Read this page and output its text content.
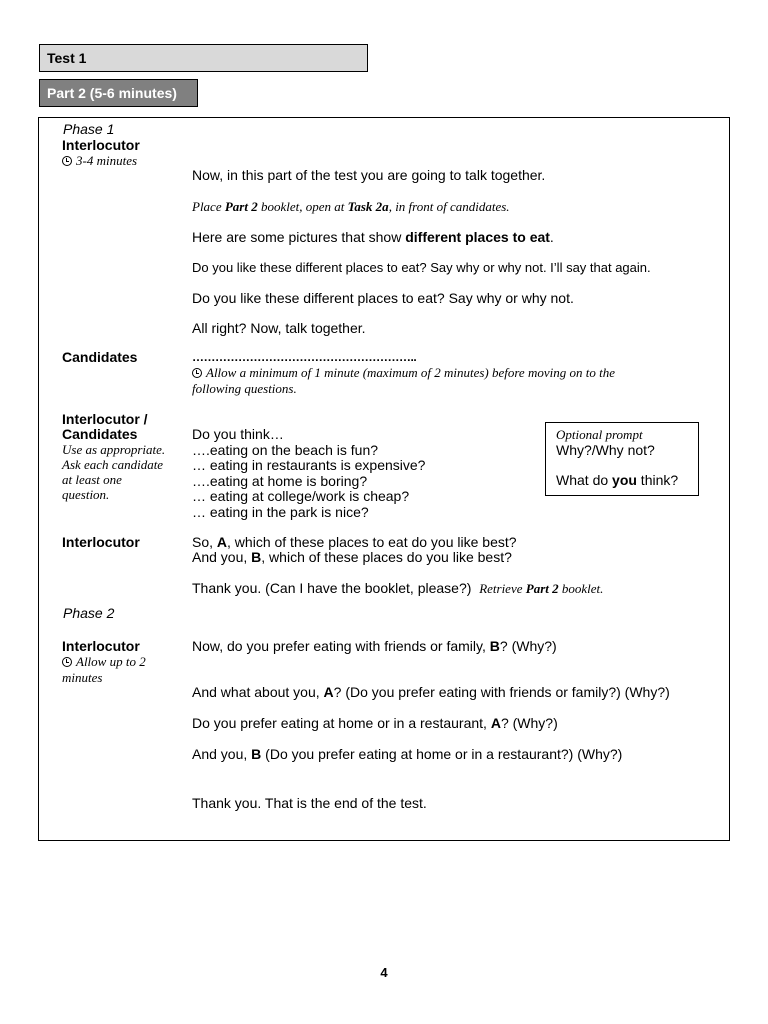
Test 1
Part 2 (5-6 minutes)
Phase 1
Interlocutor
3-4 minutes
Now, in this part of the test you are going to talk together.
Place Part 2 booklet, open at Task 2a, in front of candidates.
Here are some pictures that show different places to eat.
Do you like these different places to eat? Say why or why not. I’ll say that again.
Do you like these different places to eat? Say why or why not.
All right? Now, talk together.
Candidates	…………………………………………………..
Allow a minimum of 1 minute (maximum of 2 minutes) before moving on to the
following questions.
Interlocutor /
Candidates
Use as appropriate.
Ask each candidate
at least one
question.
Do you think…
….eating on the beach is fun?
… eating in restaurants is expensive?
….eating at home is boring?
… eating at college/work is cheap?
… eating in the park is nice?
Optional prompt
Why?/Why not?
What do you think?
Interlocutor	So, A, which of these places to eat do you like best?
And you, B, which of these places do you like best?
Thank you. (Can I have the booklet, please?) Retrieve Part 2 booklet.
Phase 2
Interlocutor
Allow up to 2
minutes
Now, do you prefer eating with friends or family, B? (Why?)
And what about you, A? (Do you prefer eating with friends or family?) (Why?)
Do you prefer eating at home or in a restaurant, A? (Why?)
And you, B (Do you prefer eating at home or in a restaurant?) (Why?)
Thank you. That is the end of the test.
4
